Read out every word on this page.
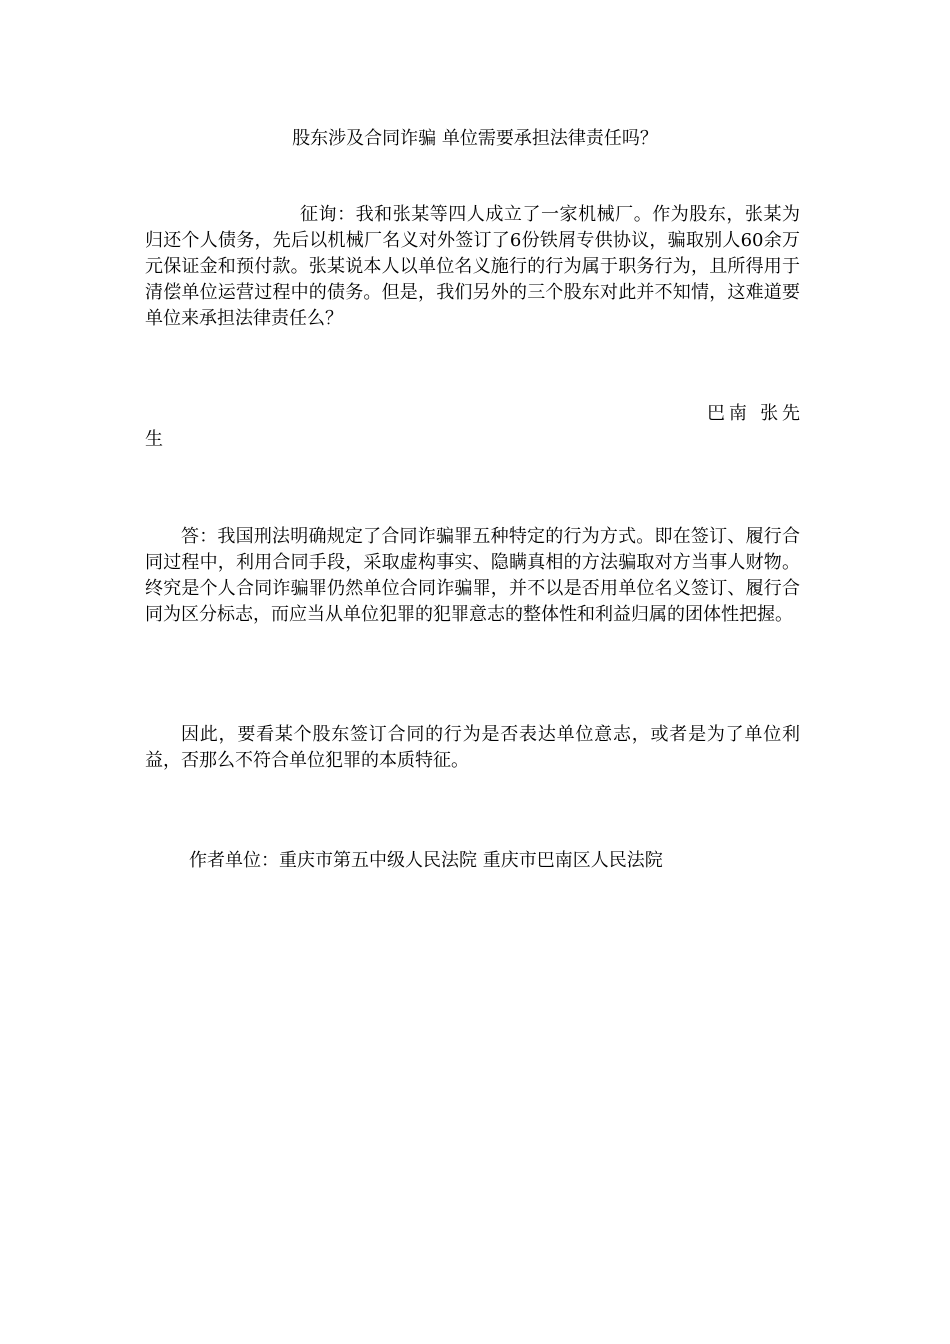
股东涉及合同诈骗 单位需要承担法律责任吗？

征询：我和张某等四人成立了一家机械厂。作为股东，张某为归还个人债务，先后以机械厂名义对外签订了6份铁屑专供协议，骗取别人60余万元保证金和预付款。张某说本人以单位名义施行的行为属于职务行为，且所得用于清偿单位运营过程中的债务。但是，我们另外的三个股东对此并不知情，这难道要单位来承担法律责任么？

巴南 张先生

答：我国刑法明确规定了合同诈骗罪五种特定的行为方式。即在签订、履行合同过程中，利用合同手段，采取虚构事实、隐瞒真相的方法骗取对方当事人财物。终究是个人合同诈骗罪仍然单位合同诈骗罪，并不以是否用单位名义签订、履行合同为区分标志，而应当从单位犯罪的犯罪意志的整体性和利益归属的团体性把握。

因此，要看某个股东签订合同的行为是否表达单位意志，或者是为了单位利益，否那么不符合单位犯罪的本质特征。

作者单位：重庆市第五中级人民法院 重庆市巴南区人民法院
